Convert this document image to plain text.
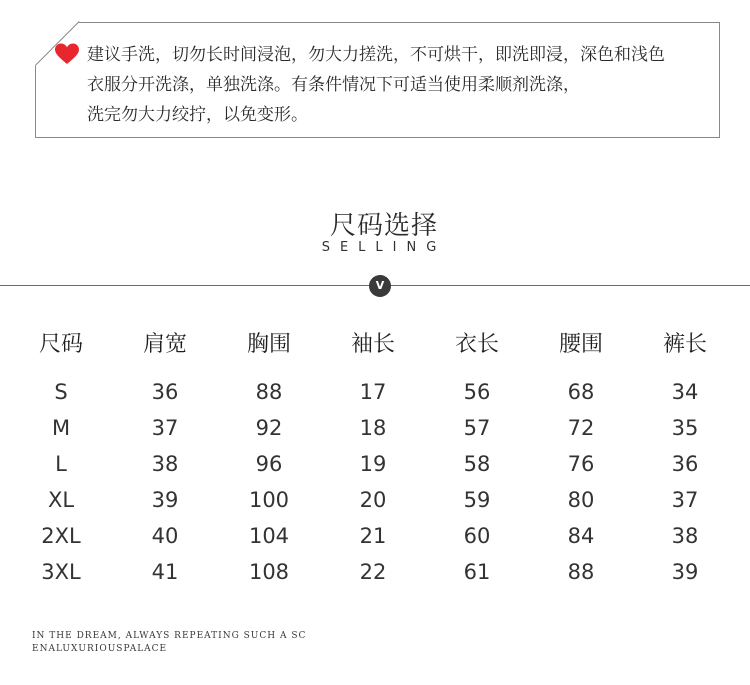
建议手洗，切勿长时间浸泡，勿大力搓洗，不可烘干，即洗即浸，深色和浅色
衣服分开洗涤，单独洗涤。有条件情况下可适当使用柔顺剂洗涤，
洗完勿大力绞拧，以免变形。

尺码选择
SELLING
V
尺码	肩宽	胸围	袖长	衣长	腰围	裤长
S	36	88	17	56	68	34
M	37	92	18	57	72	35
L	38	96	19	58	76	36
XL	39	100	20	59	80	37
2XL	40	104	21	60	84	38
3XL	41	108	22	61	88	39
IN THE DREAM, ALWAYS REPEATING SUCH A SC
ENALUXURIOUSPALACE
